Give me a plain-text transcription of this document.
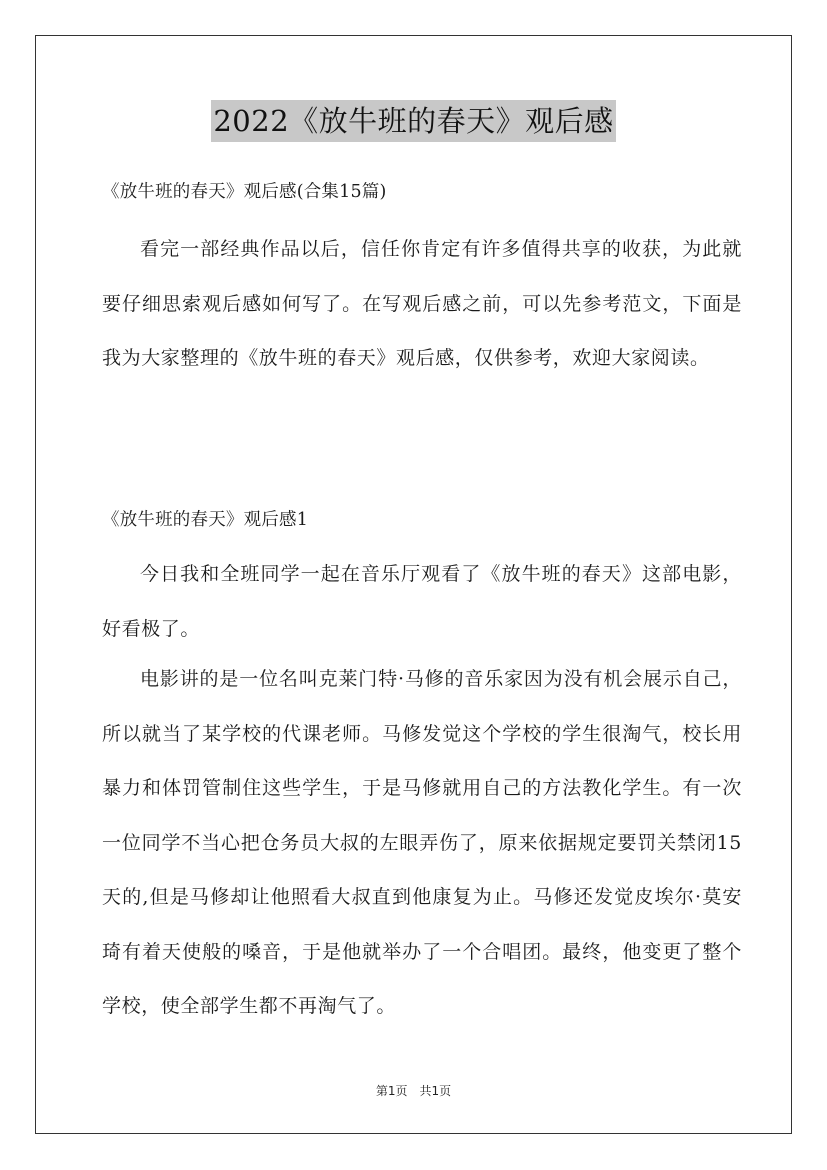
2022《放牛班的春天》观后感
《放牛班的春天》观后感(合集15篇)

看完一部经典作品以后，信任你肯定有许多值得共享的收获，为此就要仔细思索观后感如何写了。在写观后感之前，可以先参考范文，下面是我为大家整理的《放牛班的春天》观后感，仅供参考，欢迎大家阅读。

《放牛班的春天》观后感1

今日我和全班同学一起在音乐厅观看了《放牛班的春天》这部电影，好看极了。

电影讲的是一位名叫克莱门特·马修的音乐家因为没有机会展示自己，所以就当了某学校的代课老师。马修发觉这个学校的学生很淘气，校长用暴力和体罚管制住这些学生，于是马修就用自己的方法教化学生。有一次一位同学不当心把仓务员大叔的左眼弄伤了，原来依据规定要罚关禁闭15天的,但是马修却让他照看大叔直到他康复为止。马修还发觉皮埃尔·莫安琦有着天使般的嗓音，于是他就举办了一个合唱团。最终，他变更了整个学校，使全部学生都不再淘气了。

第1页　共1页
